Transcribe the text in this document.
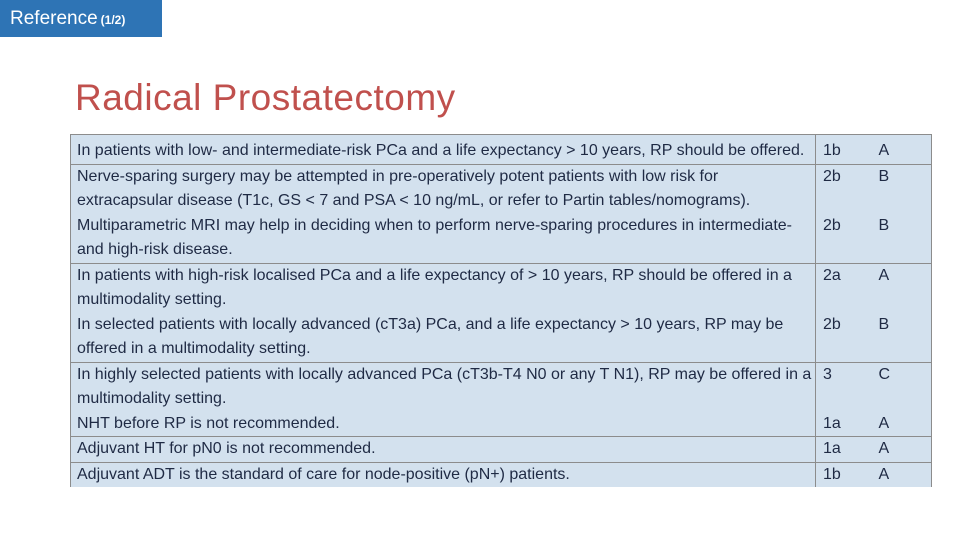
Reference (1/2)
Radical Prostatectomy
In patients with low- and intermediate-risk PCa and a life expectancy > 10 years, RP should be offered.	1b	A
Nerve-sparing surgery may be attempted in pre-operatively potent patients with low risk for extracapsular disease (T1c, GS < 7 and PSA < 10 ng/mL, or refer to Partin tables/nomograms).	2b	B
Multiparametric MRI may help in deciding when to perform nerve-sparing procedures in intermediate- and high-risk disease.	2b	B
In patients with high-risk localised PCa and a life expectancy of > 10 years, RP should be offered in a multimodality setting.	2a	A
In selected patients with locally advanced (cT3a) PCa, and a life expectancy > 10 years, RP may be offered in a multimodality setting.	2b	B
In highly selected patients with locally advanced PCa (cT3b-T4 N0 or any T N1), RP may be offered in a multimodality setting.	3	C
NHT before RP is not recommended.	1a	A
Adjuvant HT for pN0 is not recommended.	1a	A
Adjuvant ADT is the standard of care for node-positive (pN+) patients.	1b	A
